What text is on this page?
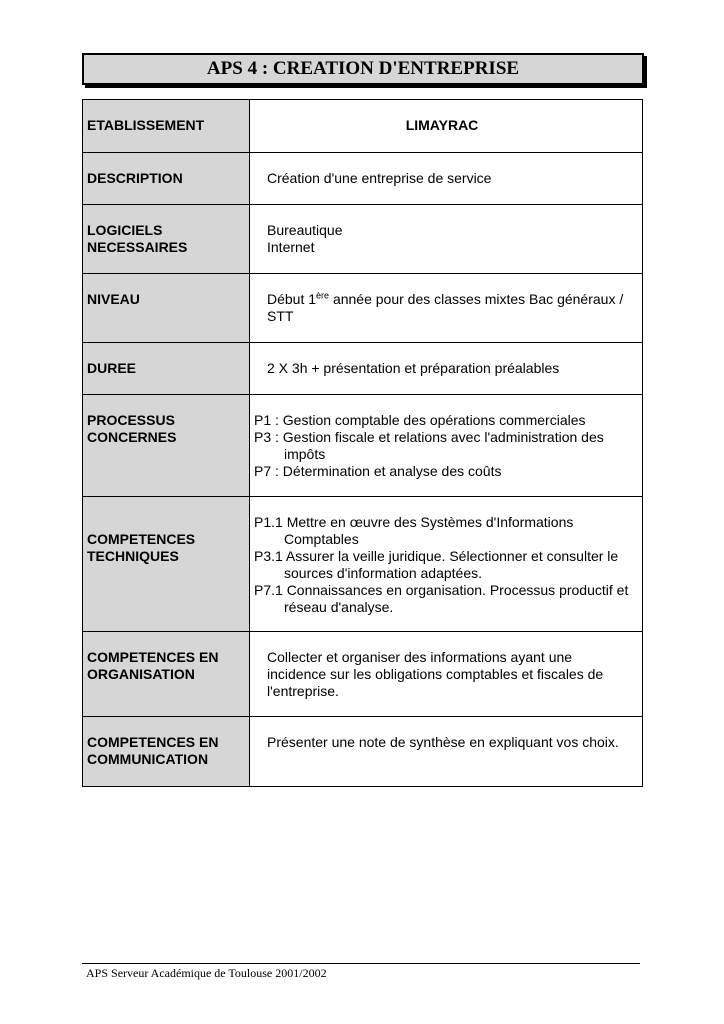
APS 4 : CREATION D'ENTREPRISE
ETABLISSEMENT	LIMAYRAC
DESCRIPTION	Création d'une entreprise de service
LOGICIELS NECESSAIRES	Bureautique
Internet

NIVEAU	Début 1ère année pour des classes mixtes Bac généraux / STT
DUREE	2 X 3h + présentation et préparation préalables
PROCESSUS CONCERNES	P1 : Gestion comptable des opérations commerciales
P3 : Gestion fiscale et relations avec l'administration des impôts
P7 : Détermination et analyse des coûts

COMPETENCES TECHNIQUES	P1.1 Mettre en œuvre des Systèmes d'Informations Comptables
P3.1 Assurer la veille juridique. Sélectionner et consulter le sources d'information adaptées.
P7.1 Connaissances en organisation. Processus productif et réseau d'analyse.

COMPETENCES EN ORGANISATION	Collecter et organiser des informations ayant une incidence sur les obligations comptables et fiscales de l'entreprise.
COMPETENCES EN COMMUNICATION	Présenter une note de synthèse en expliquant vos choix.
APS Serveur Académique de Toulouse 2001/2002
